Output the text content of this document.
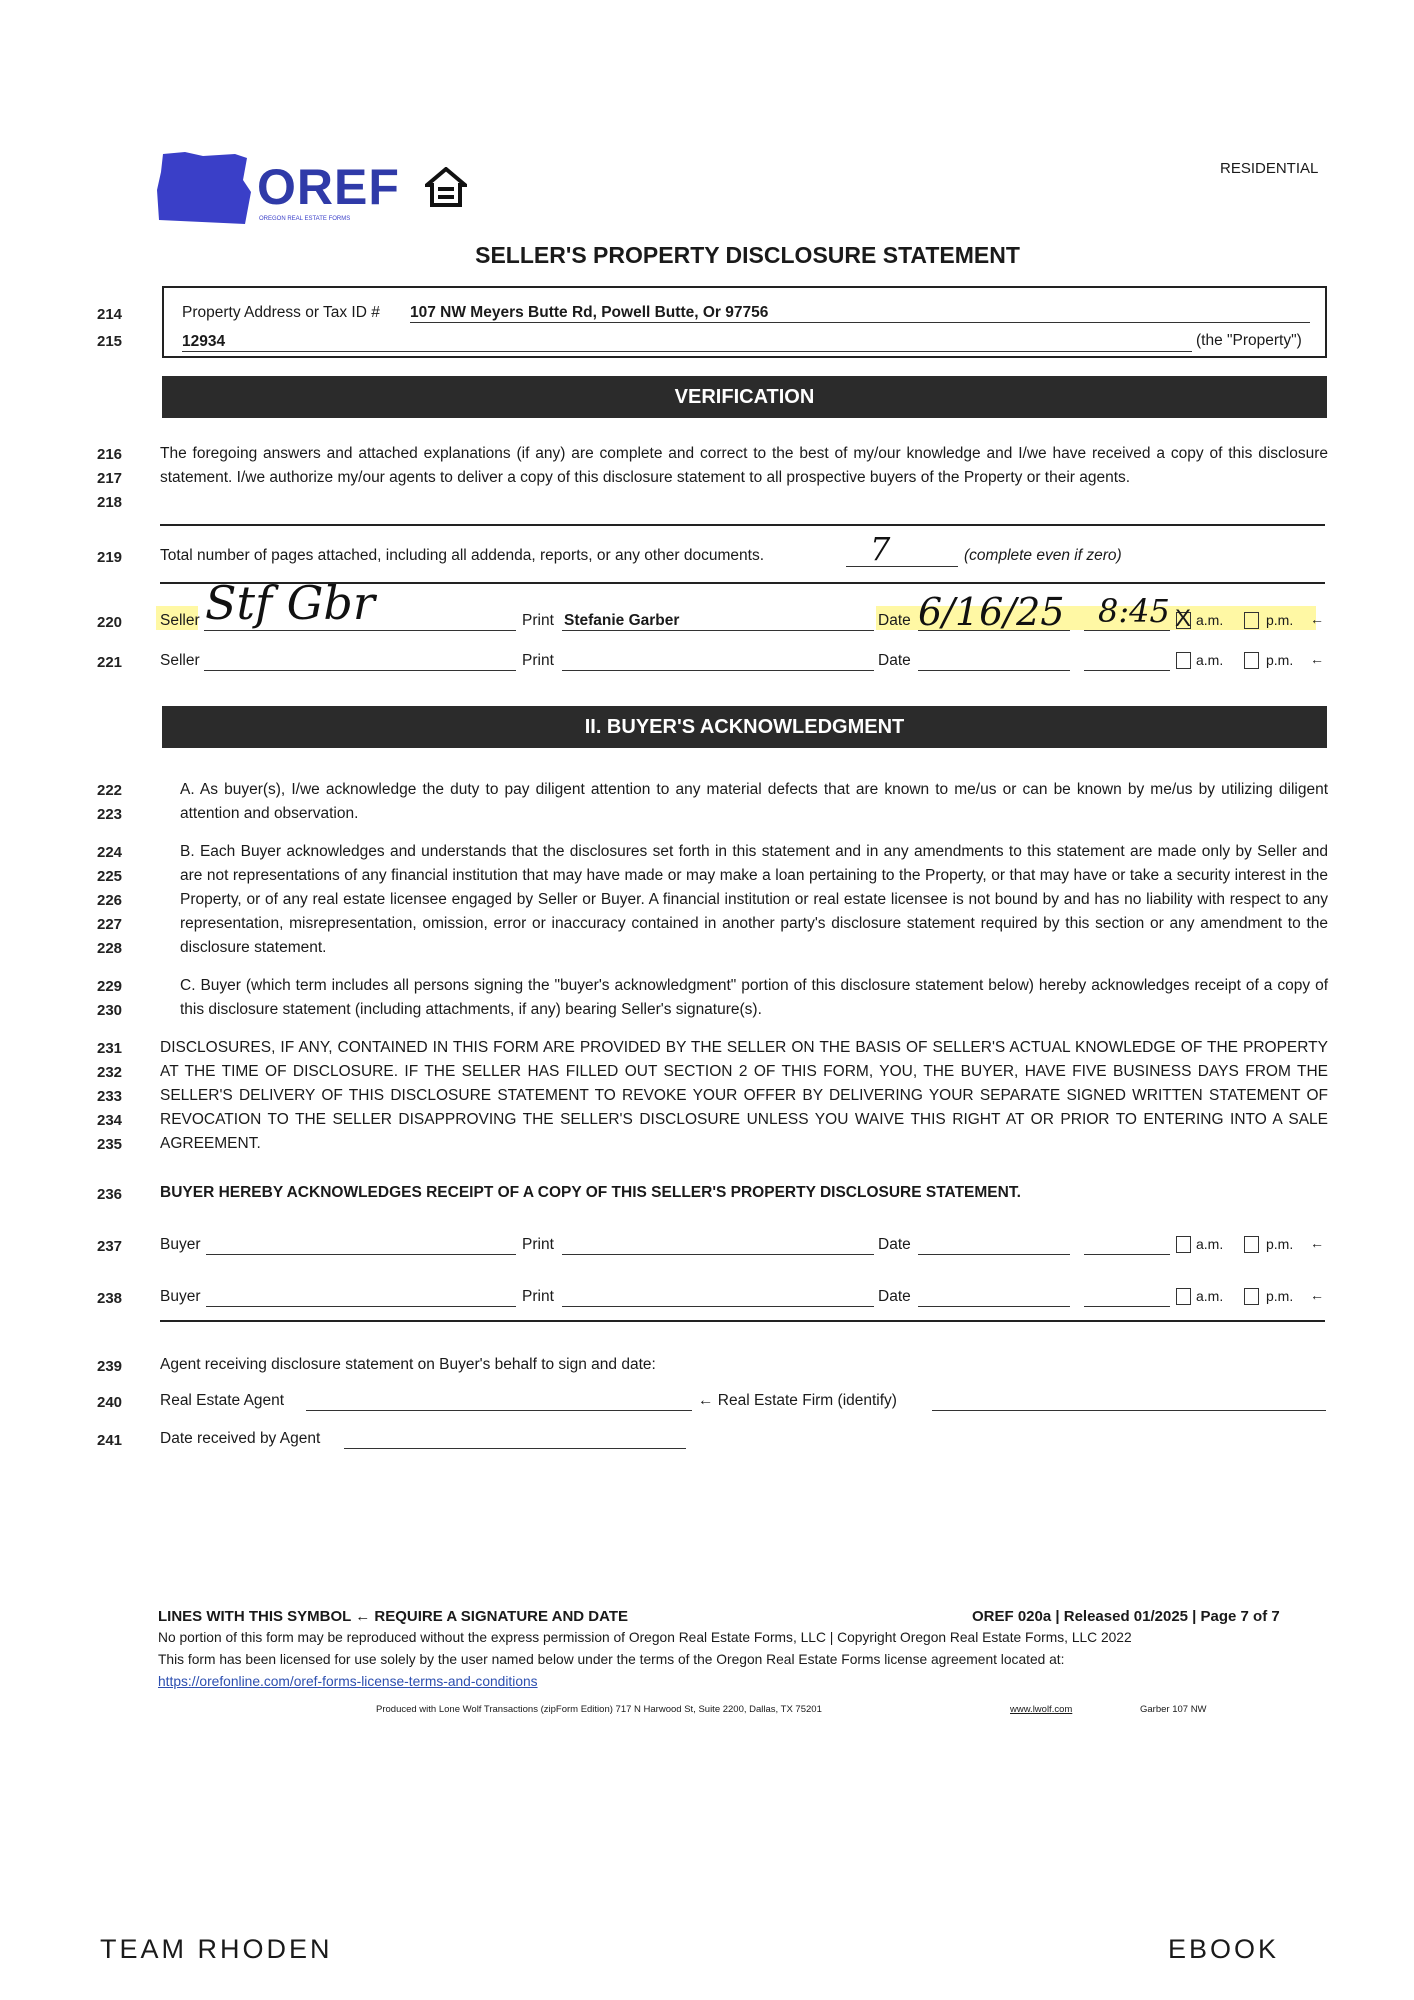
OREF
OREGON REAL ESTATE FORMS
RESIDENTIAL
SELLER'S PROPERTY DISCLOSURE STATEMENT
214
215
Property Address or Tax ID # 107 NW Meyers Butte Rd, Powell Butte, Or 97756
12934	(the "Property")
VERIFICATION
216
217
218
The foregoing answers and attached explanations (if any) are complete and correct to the best of my/our knowledge and I/we have received a copy of this disclosure statement. I/we authorize my/our agents to deliver a copy of this disclosure statement to all prospective buyers of the Property or their agents.
219	Total number of pages attached, including all addenda, reports, or any other documents.	7	(complete even if zero)
220	Seller Stf Gbr	Print Stefanie Garber	Date 6/16/25 8:45 X a.m.	p.m. ←
221	Seller	Print	Date	a.m.	p.m. ←
II. BUYER'S ACKNOWLEDGMENT
222
223
A. As buyer(s), I/we acknowledge the duty to pay diligent attention to any material defects that are known to me/us or can be known by me/us by utilizing diligent attention and observation.
224
225
226
227
228
B. Each Buyer acknowledges and understands that the disclosures set forth in this statement and in any amendments to this statement are made only by Seller and are not representations of any financial institution that may have made or may make a loan pertaining to the Property, or that may have or take a security interest in the Property, or of any real estate licensee engaged by Seller or Buyer. A financial institution or real estate licensee is not bound by and has no liability with respect to any representation, misrepresentation, omission, error or inaccuracy contained in another party's disclosure statement required by this section or any amendment to the disclosure statement.
229
230
C. Buyer (which term includes all persons signing the "buyer's acknowledgment" portion of this disclosure statement below) hereby acknowledges receipt of a copy of this disclosure statement (including attachments, if any) bearing Seller's signature(s).
231
232
233
234
235
DISCLOSURES, IF ANY, CONTAINED IN THIS FORM ARE PROVIDED BY THE SELLER ON THE BASIS OF SELLER'S ACTUAL KNOWLEDGE OF THE PROPERTY AT THE TIME OF DISCLOSURE. IF THE SELLER HAS FILLED OUT SECTION 2 OF THIS FORM, YOU, THE BUYER, HAVE FIVE BUSINESS DAYS FROM THE SELLER'S DELIVERY OF THIS DISCLOSURE STATEMENT TO REVOKE YOUR OFFER BY DELIVERING YOUR SEPARATE SIGNED WRITTEN STATEMENT OF REVOCATION TO THE SELLER DISAPPROVING THE SELLER'S DISCLOSURE UNLESS YOU WAIVE THIS RIGHT AT OR PRIOR TO ENTERING INTO A SALE AGREEMENT.
236	BUYER HEREBY ACKNOWLEDGES RECEIPT OF A COPY OF THIS SELLER'S PROPERTY DISCLOSURE STATEMENT.
237	Buyer	Print	Date	a.m.	p.m. ←
238	Buyer	Print	Date	a.m.	p.m. ←
239	Agent receiving disclosure statement on Buyer's behalf to sign and date:
240	Real Estate Agent	← Real Estate Firm (identify)
241	Date received by Agent
LINES WITH THIS SYMBOL ← REQUIRE A SIGNATURE AND DATE	OREF 020a | Released 01/2025 | Page 7 of 7
No portion of this form may be reproduced without the express permission of Oregon Real Estate Forms, LLC | Copyright Oregon Real Estate Forms, LLC 2022
This form has been licensed for use solely by the user named below under the terms of the Oregon Real Estate Forms license agreement located at:
https://orefonline.com/oref-forms-license-terms-and-conditions
Produced with Lone Wolf Transactions (zipForm Edition) 717 N Harwood St, Suite 2200, Dallas, TX 75201	www.lwolf.com	Garber 107 NW
TEAM RHODEN	EBOOK
